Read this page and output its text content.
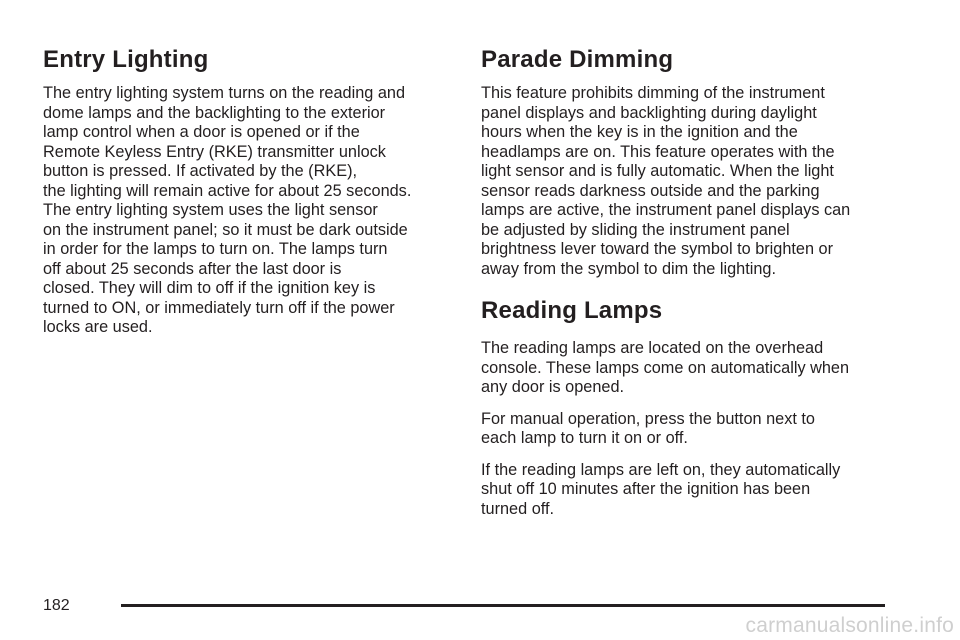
Entry Lighting

The entry lighting system turns on the reading and
dome lamps and the backlighting to the exterior
lamp control when a door is opened or if the
Remote Keyless Entry (RKE) transmitter unlock
button is pressed. If activated by the (RKE),
the lighting will remain active for about 25 seconds.
The entry lighting system uses the light sensor
on the instrument panel; so it must be dark outside
in order for the lamps to turn on. The lamps turn
off about 25 seconds after the last door is
closed. They will dim to off if the ignition key is
turned to ON, or immediately turn off if the power
locks are used.

Parade Dimming

This feature prohibits dimming of the instrument
panel displays and backlighting during daylight
hours when the key is in the ignition and the
headlamps are on. This feature operates with the
light sensor and is fully automatic. When the light
sensor reads darkness outside and the parking
lamps are active, the instrument panel displays can
be adjusted by sliding the instrument panel
brightness lever toward the symbol to brighten or
away from the symbol to dim the lighting.

Reading Lamps

The reading lamps are located on the overhead
console. These lamps come on automatically when
any door is opened.

For manual operation, press the button next to
each lamp to turn it on or off.

If the reading lamps are left on, they automatically
shut off 10 minutes after the ignition has been
turned off.

182
carmanualsonline.info
